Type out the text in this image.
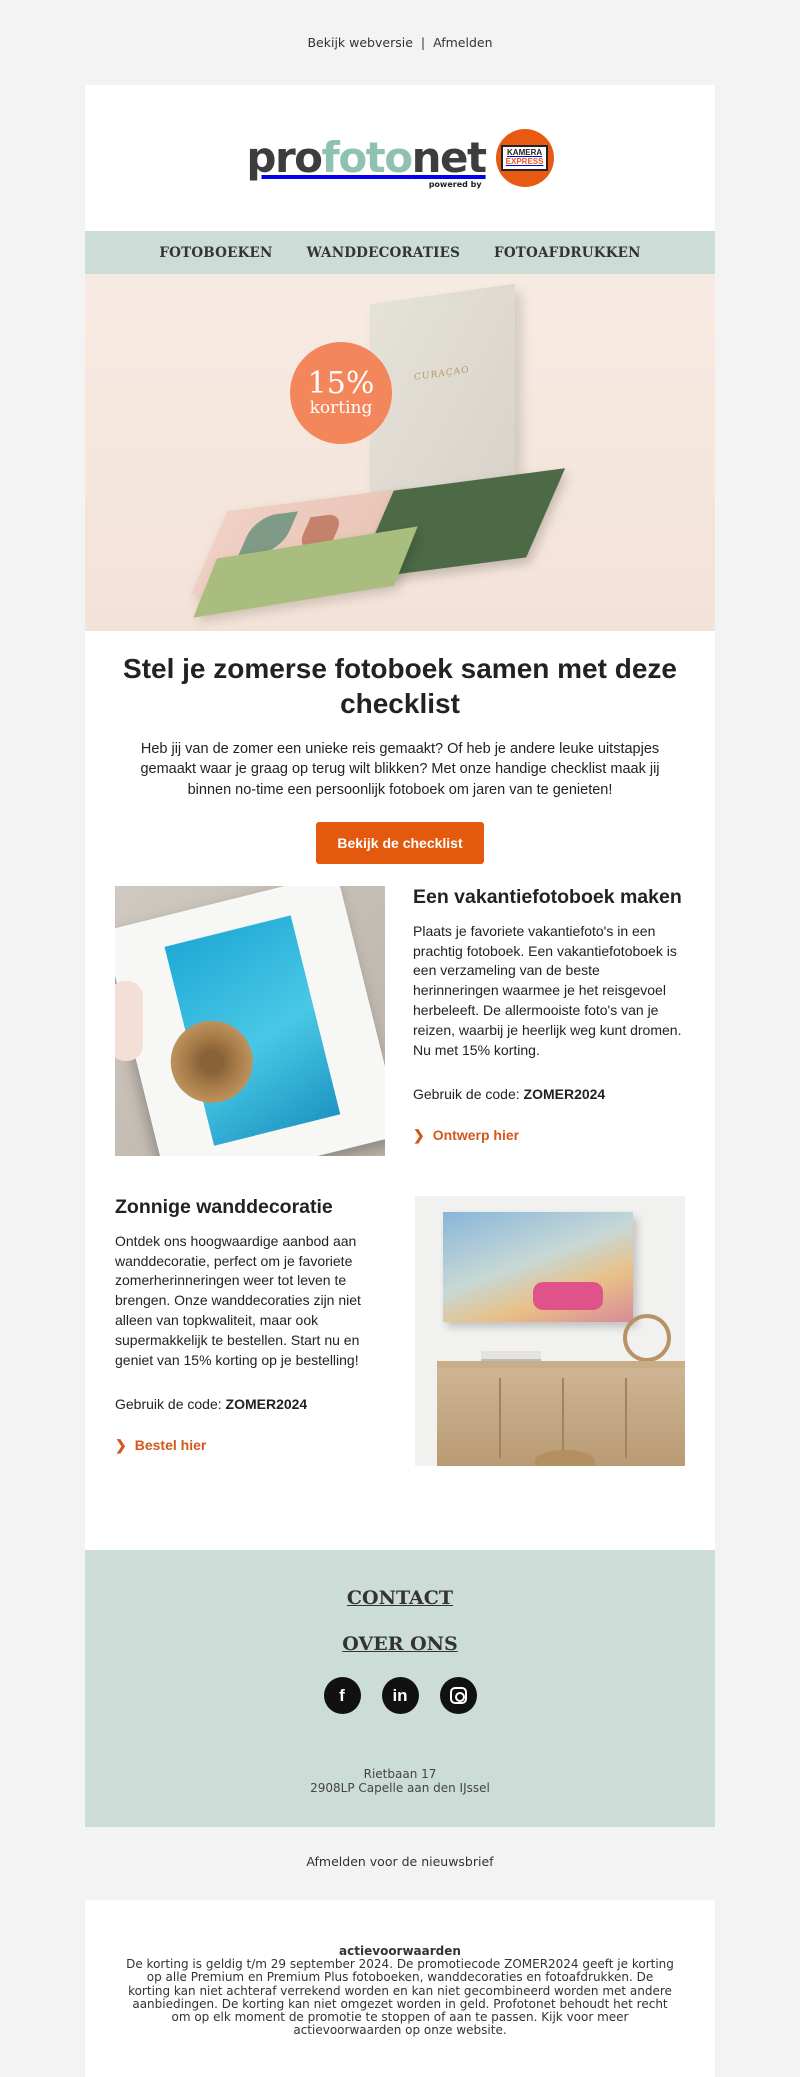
Bekijk webversie | Afmelden
profotonet
powered by
KAMERA
EXPRESS
FOTOBOEKEN	WANDDECORATIES	FOTOAFDRUKKEN
CURAÇAO
15%
korting
Stel je zomerse fotoboek samen met deze checklist

Heb jij van de zomer een unieke reis gemaakt? Of heb je andere leuke uitstapjes gemaakt waar je graag op terug wilt blikken? Met onze handige checklist maak jij binnen no-time een persoonlijk fotoboek om jaren van te genieten!

Bekijk de checklist
Een vakantiefotoboek maken

Plaats je favoriete vakantiefoto's in een prachtig fotoboek. Een vakantiefotoboek is een verzameling van de beste herinneringen waarmee je het reisgevoel herbeleeft. De allermooiste foto's van je reizen, waarbij je heerlijk weg kunt dromen. Nu met 15% korting.

Gebruik de code: ZOMER2024

❯ Ontwerp hier
Zonnige wanddecoratie

Ontdek ons hoogwaardige aanbod aan wanddecoratie, perfect om je favoriete zomerherinneringen weer tot leven te brengen. Onze wanddecoraties zijn niet alleen van topkwaliteit, maar ook supermakkelijk te bestellen. Start nu en geniet van 15% korting op je bestelling!

Gebruik de code: ZOMER2024

❯ Bestel hier
CONTACT
OVER ONS
f	in
Rietbaan 17
2908LP Capelle aan den IJssel
Afmelden voor de nieuwsbrief
actievoorwaarden
De korting is geldig t/m 29 september 2024. De promotiecode ZOMER2024 geeft je korting op alle Premium en Premium Plus fotoboeken, wanddecoraties en fotoafdrukken. De korting kan niet achteraf verrekend worden en kan niet gecombineerd worden met andere aanbiedingen. De korting kan niet omgezet worden in geld. Profotonet behoudt het recht om op elk moment de promotie te stoppen of aan te passen. Kijk voor meer actievoorwaarden op onze website.
